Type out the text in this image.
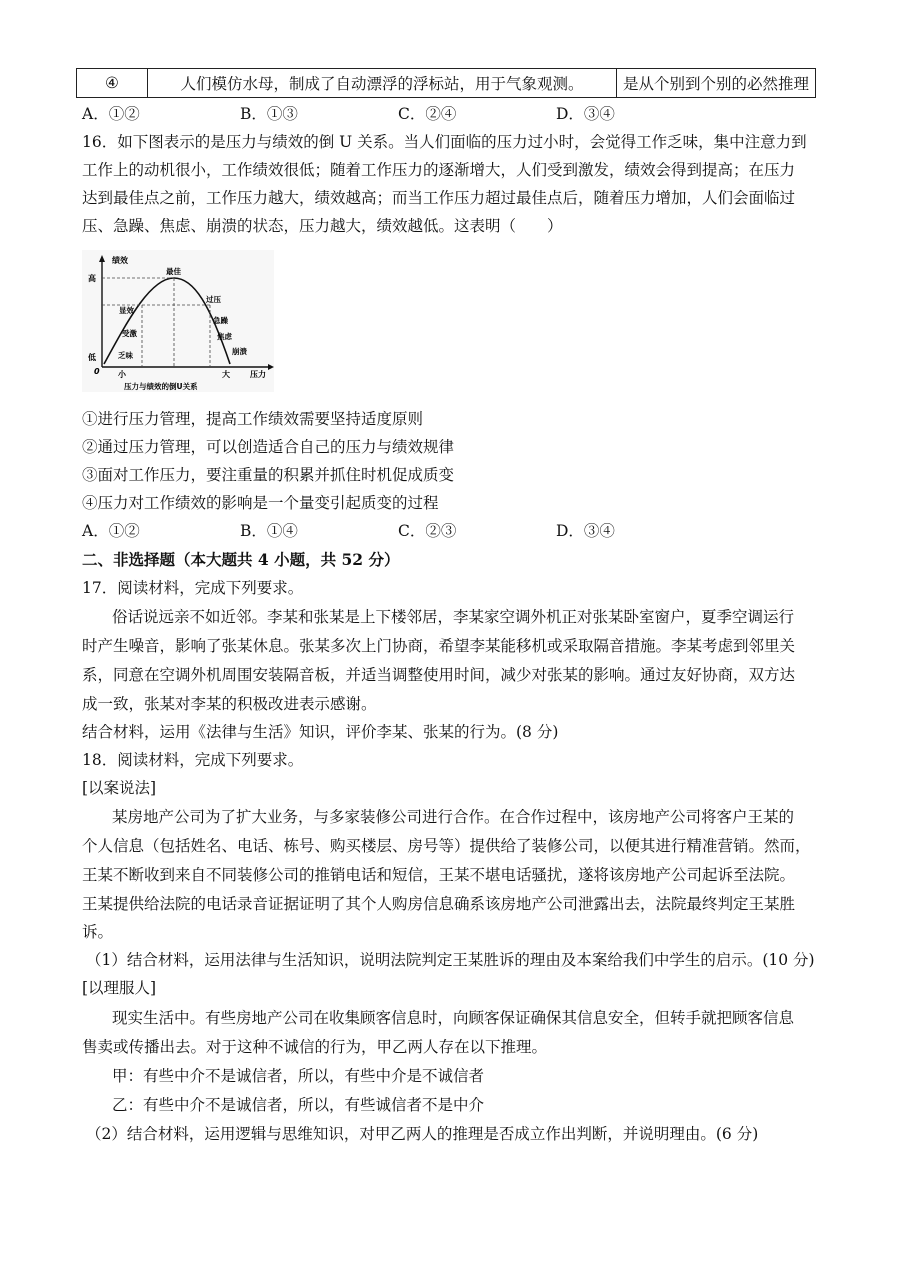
④	人们模仿水母，制成了自动漂浮的浮标站，用于气象观测。	是从个别到个别的必然推理
A．①②	B．①③	C．②④	D．③④
16．如下图表示的是压力与绩效的倒 U 关系。当人们面临的压力过小时，会觉得工作乏味，集中注意力到
工作上的动机很小，工作绩效很低；随着工作压力的逐渐增大，人们受到激发，绩效会得到提高；在压力
达到最佳点之前，工作压力越大，绩效越高；而当工作压力超过最佳点后，随着压力增加，人们会面临过
压、急躁、焦虑、崩溃的状态，压力越大，绩效越低。这表明（　　）
绩效
高
低
0 小	大	压力
最佳
过压
急躁
焦虑
崩溃
显效
受激
乏味
压力与绩效的倒U关系
①进行压力管理，提高工作绩效需要坚持适度原则
②通过压力管理，可以创造适合自己的压力与绩效规律
③面对工作压力，要注重量的积累并抓住时机促成质变
④压力对工作绩效的影响是一个量变引起质变的过程
A．①②	B．①④	C．②③	D．③④
二、非选择题（本大题共 4 小题，共 52 分）
17．阅读材料，完成下列要求。
俗话说远亲不如近邻。李某和张某是上下楼邻居，李某家空调外机正对张某卧室窗户，夏季空调运行
时产生噪音，影响了张某休息。张某多次上门协商，希望李某能移机或采取隔音措施。李某考虑到邻里关
系，同意在空调外机周围安装隔音板，并适当调整使用时间，减少对张某的影响。通过友好协商，双方达
成一致，张某对李某的积极改进表示感谢。
结合材料，运用《法律与生活》知识，评价李某、张某的行为。(8 分)
18．阅读材料，完成下列要求。
[以案说法]
某房地产公司为了扩大业务，与多家装修公司进行合作。在合作过程中，该房地产公司将客户王某的
个人信息（包括姓名、电话、栋号、购买楼层、房号等）提供给了装修公司，以便其进行精准营销。然而，
王某不断收到来自不同装修公司的推销电话和短信，王某不堪电话骚扰，遂将该房地产公司起诉至法院。
王某提供给法院的电话录音证据证明了其个人购房信息确系该房地产公司泄露出去，法院最终判定王某胜
诉。
（1）结合材料，运用法律与生活知识，说明法院判定王某胜诉的理由及本案给我们中学生的启示。(10 分)
[以理服人]
现实生活中。有些房地产公司在收集顾客信息时，向顾客保证确保其信息安全，但转手就把顾客信息
售卖或传播出去。对于这种不诚信的行为，甲乙两人存在以下推理。
甲：有些中介不是诚信者，所以，有些中介是不诚信者
乙：有些中介不是诚信者，所以，有些诚信者不是中介
（2）结合材料，运用逻辑与思维知识，对甲乙两人的推理是否成立作出判断，并说明理由。(6 分)
